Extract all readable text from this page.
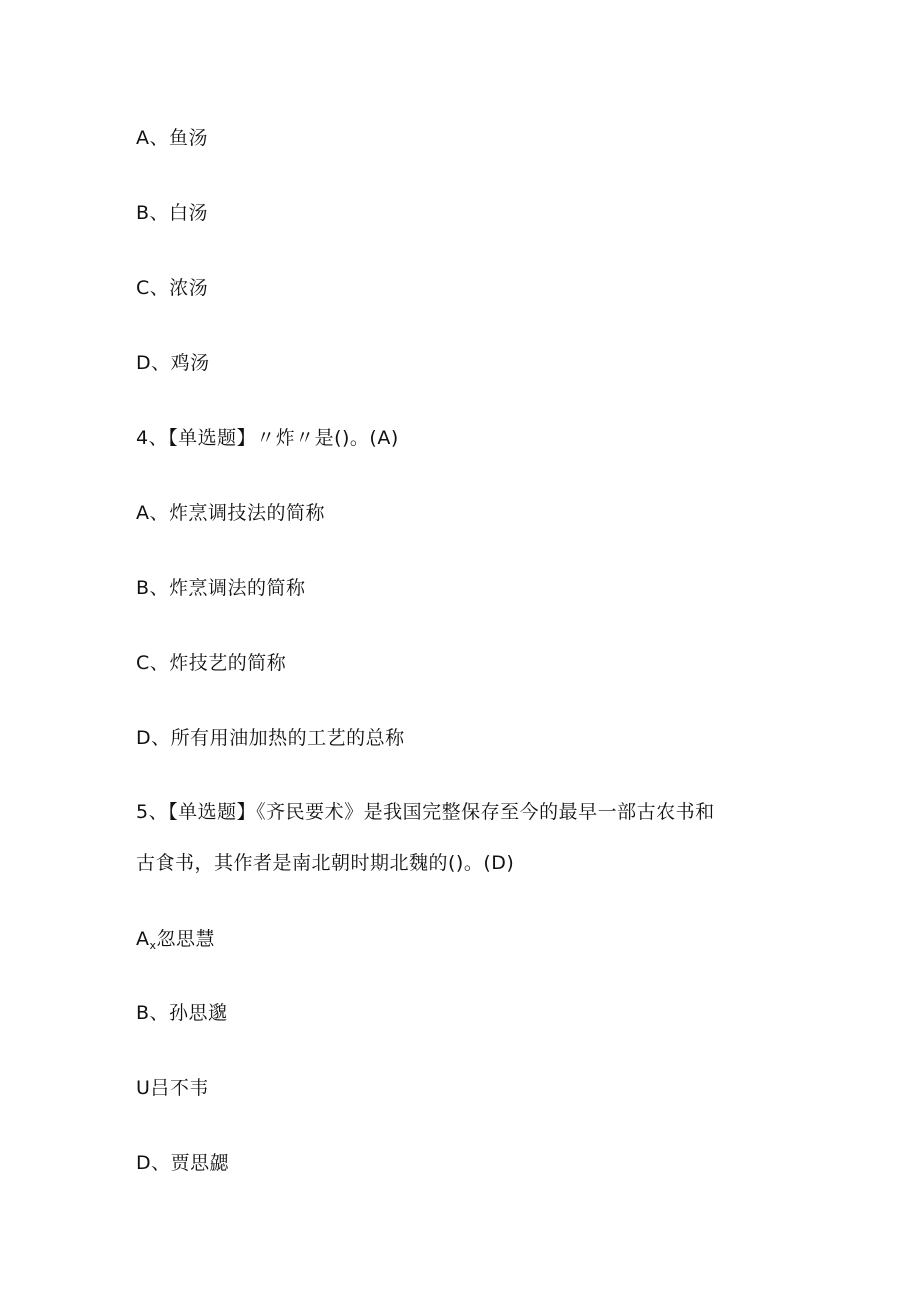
A、鱼汤
B、白汤
C、浓汤
D、鸡汤
4、【单选题】〃炸〃是()。(A)
A、炸烹调技法的简称
B、炸烹调法的简称
C、炸技艺的简称
D、所有用油加热的工艺的总称
5、【单选题】《齐民要术》是我国完整保存至今的最早一部古农书和
古食书，其作者是南北朝时期北魏的()。(D)
$A_x$忽思慧
B、孙思邈
U吕不韦
D、贾思勰
